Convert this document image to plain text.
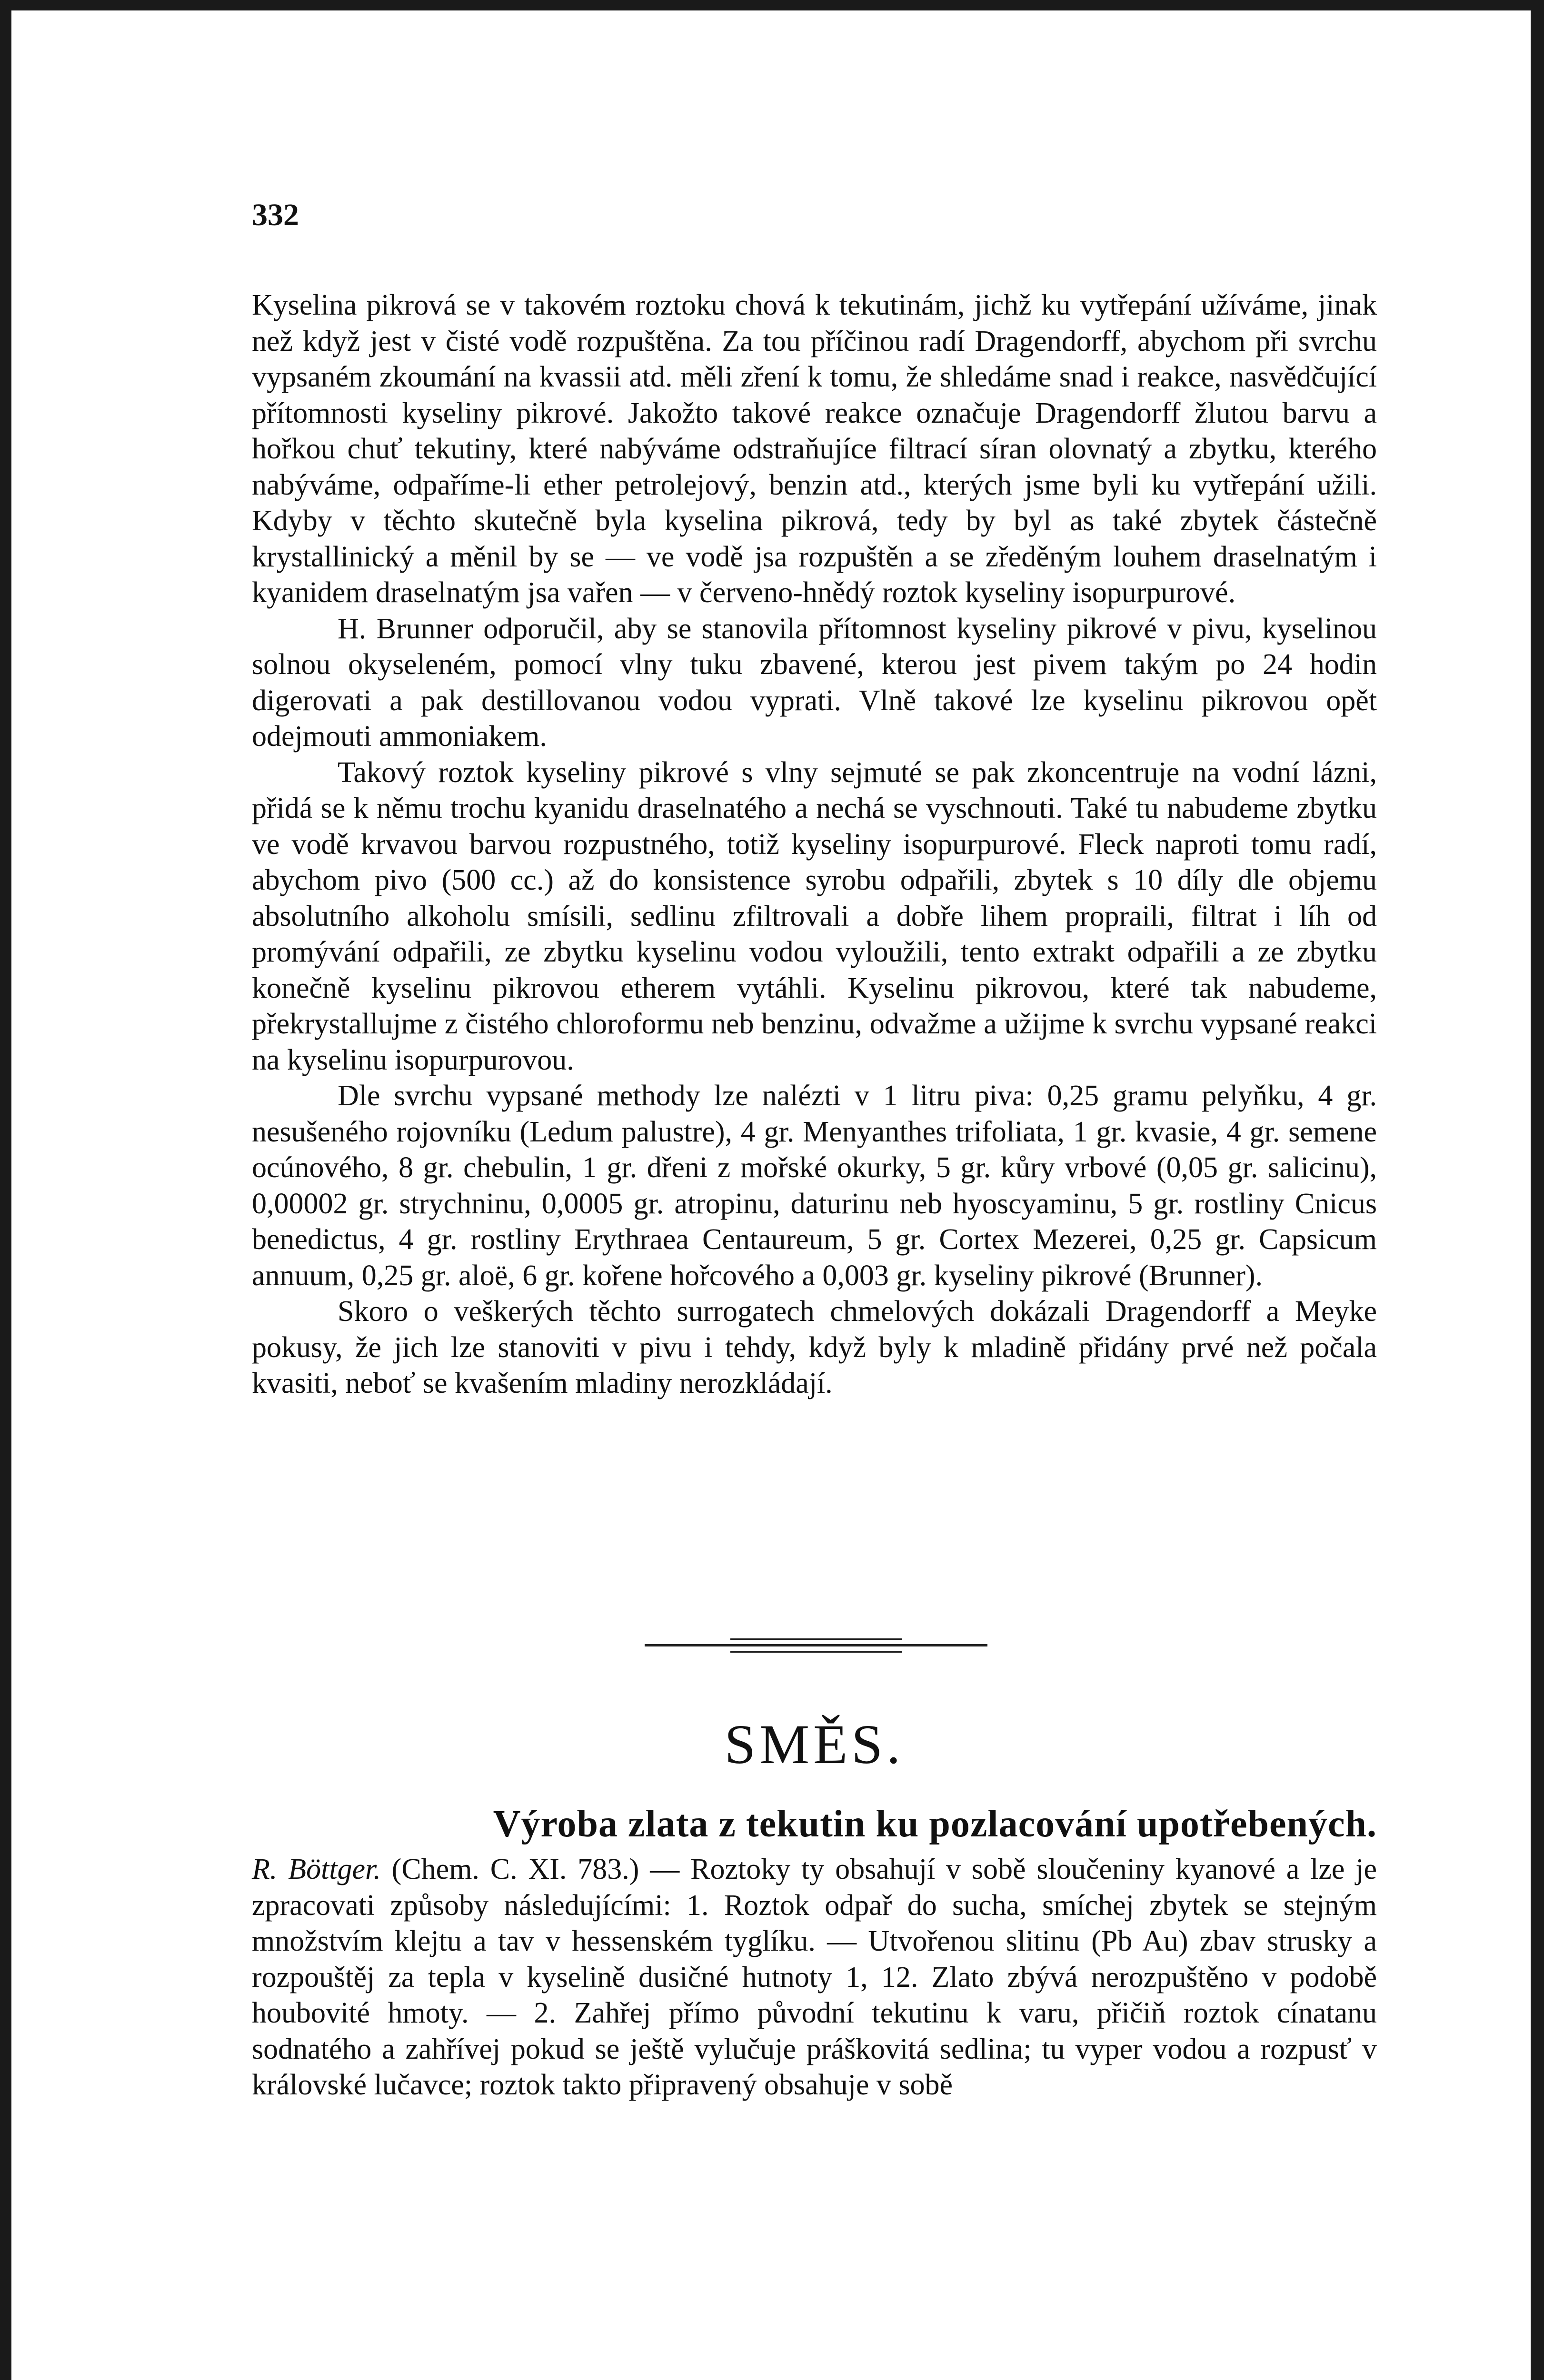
332

Kyselina pikrová se v takovém roztoku chová k tekutinám, jichž ku vytřepání užíváme, jinak než když jest v čisté vodě rozpuštěna. Za tou příčinou radí Dragendorff, abychom při svrchu vypsaném zkoumání na kvassii atd. měli zření k tomu, že shledáme snad i reakce, nasvědčující přítomnosti kyseliny pikrové. Jakožto takové reakce označuje Dragendorff žlutou barvu a hořkou chuť tekutiny, které nabýváme odstraňujíce filtrací síran olovnatý a zbytku, kterého nabýváme, odpaříme-li ether petrolejový, benzin atd., kterých jsme byli ku vytřepání užili. Kdyby v těchto skutečně byla kyselina pikrová, tedy by byl as také zbytek částečně krystallinický a měnil by se — ve vodě jsa rozpuštěn a se zředěným louhem draselnatým i kyanidem draselnatým jsa vařen — v červeno-hnědý roztok kyseliny isopurpurové.

H. Brunner odporučil, aby se stanovila přítomnost kyseliny pikrové v pivu, kyselinou solnou okyseleném, pomocí vlny tuku zbavené, kterou jest pivem takým po 24 hodin digerovati a pak destillovanou vodou vyprati. Vlně takové lze kyselinu pikrovou opět odejmouti ammoniakem.

Takový roztok kyseliny pikrové s vlny sejmuté se pak zkoncentruje na vodní lázni, přidá se k němu trochu kyanidu draselnatého a nechá se vyschnouti. Také tu nabudeme zbytku ve vodě krvavou barvou rozpustného, totiž kyseliny isopurpurové. Fleck naproti tomu radí, abychom pivo (500 cc.) až do konsistence syrobu odpařili, zbytek s 10 díly dle objemu absolutního alkoholu smísili, sedlinu zfiltrovali a dobře lihem propraili, filtrat i líh od promývání odpařili, ze zbytku kyselinu vodou vyloužili, tento extrakt odpařili a ze zbytku konečně kyselinu pikrovou etherem vytáhli. Kyselinu pikrovou, které tak nabudeme, překrystallujme z čistého chloroformu neb benzinu, odvažme a užijme k svrchu vypsané reakci na kyselinu isopurpurovou.

Dle svrchu vypsané methody lze nalézti v 1 litru piva: 0,25 gramu pelyňku, 4 gr. nesušeného rojovníku (Ledum palustre), 4 gr. Menyanthes trifoliata, 1 gr. kvasie, 4 gr. semene ocúnového, 8 gr. chebulin, 1 gr. dřeni z mořské okurky, 5 gr. kůry vrbové (0,05 gr. salicinu), 0,00002 gr. strychninu, 0,0005 gr. atropinu, daturinu neb hyoscyaminu, 5 gr. rostliny Cnicus benedictus, 4 gr. rostliny Erythraea Centaureum, 5 gr. Cortex Mezerei, 0,25 gr. Capsicum annuum, 0,25 gr. aloë, 6 gr. kořene hořcového a 0,003 gr. kyseliny pikrové (Brunner).

Skoro o veškerých těchto surrogatech chmelových dokázali Dragendorff a Meyke pokusy, že jich lze stanoviti v pivu i tehdy, když byly k mladině přidány prvé než počala kvasiti, neboť se kvašením mladiny nerozkládají.

SMĚS.
Výroba zlata z tekutin ku pozlacování upotřebených.

R. Böttger. (Chem. C. XI. 783.) — Roztoky ty obsahují v sobě sloučeniny kyanové a lze je zpracovati způsoby následujícími: 1. Roztok odpař do sucha, smíchej zbytek se stejným množstvím klejtu a tav v hessenském tyglíku. — Utvořenou slitinu (Pb Au) zbav strusky a rozpouštěj za tepla v kyselině dusičné hutnoty 1, 12. Zlato zbývá nerozpuštěno v podobě houbovité hmoty. — 2. Zahřej přímo původní tekutinu k varu, přičiň roztok cínatanu sodnatého a zahřívej pokud se ještě vylučuje práškovitá sedlina; tu vyper vodou a rozpusť v královské lučavce; roztok takto připravený obsahuje v sobě
